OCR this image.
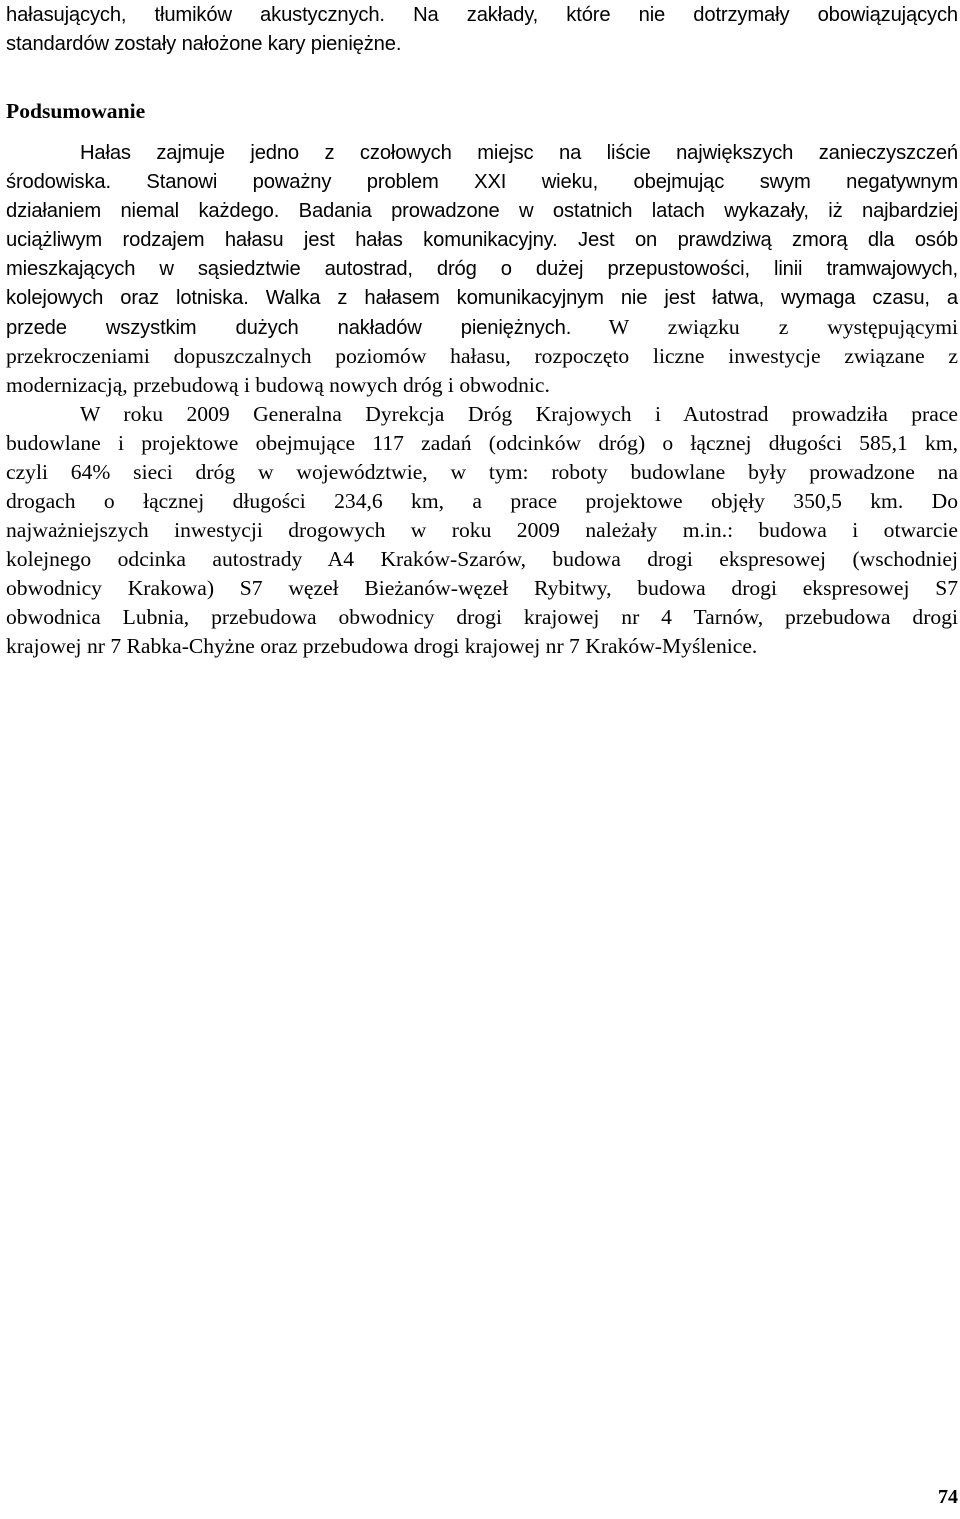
hałasujących, tłumików akustycznych. Na zakłady, które nie dotrzymały obowiązujących
standardów zostały nałożone kary pieniężne.
Podsumowanie
Hałas zajmuje jedno z czołowych miejsc na liście największych zanieczyszczeń
środowiska. Stanowi poważny problem XXI wieku, obejmując swym negatywnym
działaniem niemal każdego. Badania prowadzone w ostatnich latach wykazały, iż najbardziej
uciążliwym rodzajem hałasu jest hałas komunikacyjny. Jest on prawdziwą zmorą dla osób
mieszkających w sąsiedztwie autostrad, dróg o dużej przepustowości, linii tramwajowych,
kolejowych oraz lotniska. Walka z hałasem komunikacyjnym nie jest łatwa, wymaga czasu, a
przede wszystkim dużych nakładów pieniężnych. W związku z występującymi
przekroczeniami dopuszczalnych poziomów hałasu, rozpoczęto liczne inwestycje związane z
modernizacją, przebudową i budową nowych dróg i obwodnic.
W roku 2009 Generalna Dyrekcja Dróg Krajowych i Autostrad prowadziła prace
budowlane i projektowe obejmujące 117 zadań (odcinków dróg) o łącznej długości 585,1 km,
czyli 64% sieci dróg w województwie, w tym: roboty budowlane były prowadzone na
drogach o łącznej długości 234,6 km, a prace projektowe objęły 350,5 km. Do
najważniejszych inwestycji drogowych w roku 2009 należały m.in.: budowa i otwarcie
kolejnego odcinka autostrady A4 Kraków-Szarów, budowa drogi ekspresowej (wschodniej
obwodnicy Krakowa) S7 węzeł Bieżanów-węzeł Rybitwy, budowa drogi ekspresowej S7
obwodnica Lubnia, przebudowa obwodnicy drogi krajowej nr 4 Tarnów, przebudowa drogi
krajowej nr 7 Rabka-Chyżne oraz przebudowa drogi krajowej nr 7 Kraków-Myślenice.
74
